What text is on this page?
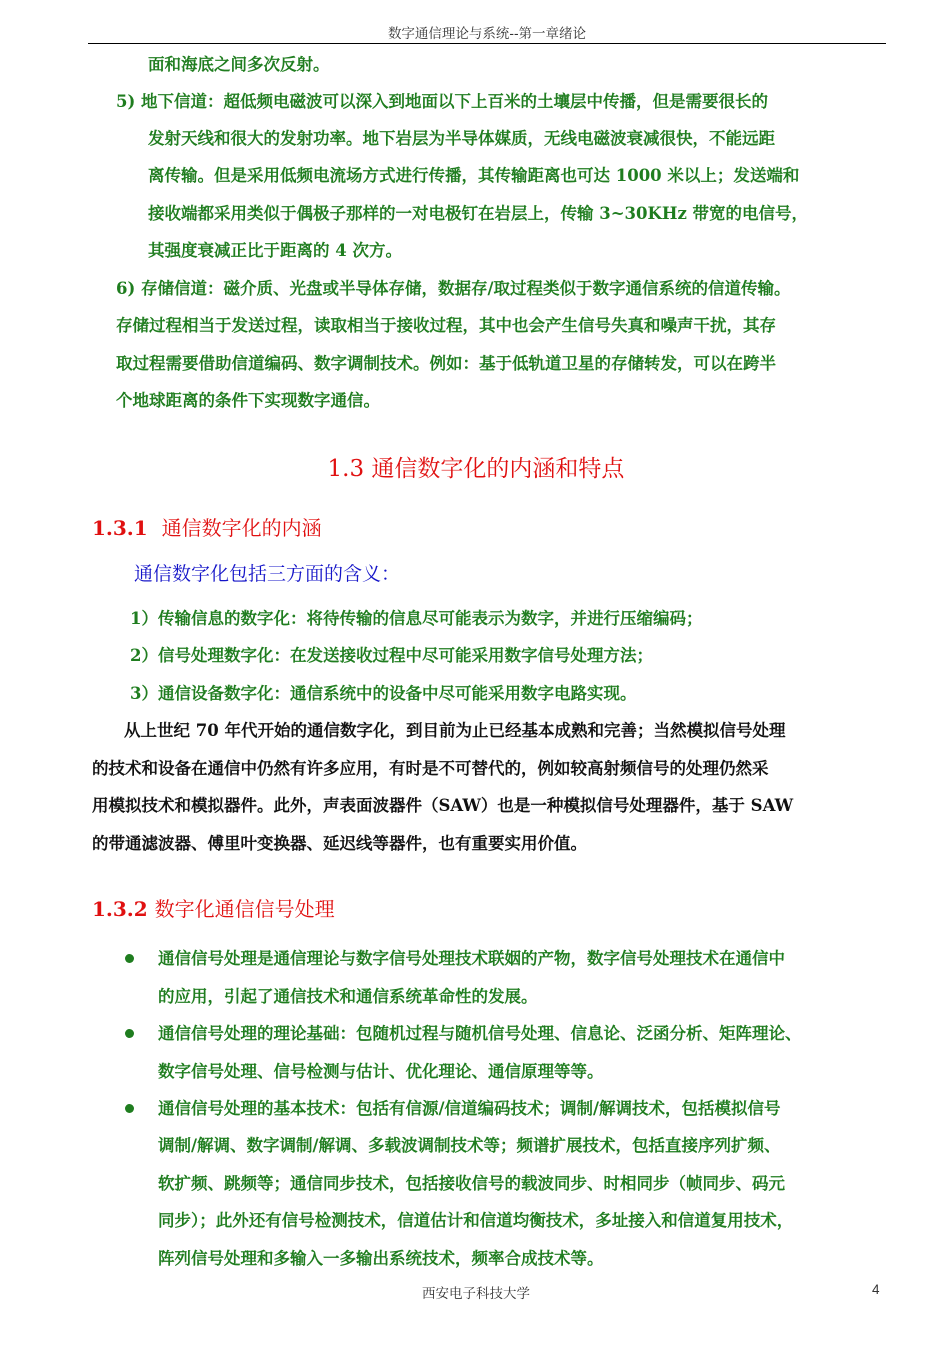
数字通信理论与系统--第一章绪论
面和海底之间多次反射。
5) 地下信道：超低频电磁波可以深入到地面以下上百米的土壤层中传播，但是需要很长的
发射天线和很大的发射功率。地下岩层为半导体媒质，无线电磁波衰减很快，不能远距
离传输。但是采用低频电流场方式进行传播，其传输距离也可达 1000 米以上；发送端和
接收端都采用类似于偶极子那样的一对电极钉在岩层上，传输 3~30KHz 带宽的电信号，
其强度衰减正比于距离的 4 次方。
6) 存储信道：磁介质、光盘或半导体存储，数据存/取过程类似于数字通信系统的信道传输。
存储过程相当于发送过程，读取相当于接收过程，其中也会产生信号失真和噪声干扰，其存
取过程需要借助信道编码、数字调制技术。例如：基于低轨道卫星的存储转发，可以在跨半
个地球距离的条件下实现数字通信。
1.3 通信数字化的内涵和特点
1.3.1 通信数字化的内涵
通信数字化包括三方面的含义：
1）传输信息的数字化：将待传输的信息尽可能表示为数字，并进行压缩编码；
2）信号处理数字化：在发送接收过程中尽可能采用数字信号处理方法；
3）通信设备数字化：通信系统中的设备中尽可能采用数字电路实现。
从上世纪 70 年代开始的通信数字化，到目前为止已经基本成熟和完善；当然模拟信号处理
的技术和设备在通信中仍然有许多应用，有时是不可替代的，例如较高射频信号的处理仍然采
用模拟技术和模拟器件。此外，声表面波器件（SAW）也是一种模拟信号处理器件，基于 SAW
的带通滤波器、傅里叶变换器、延迟线等器件，也有重要实用价值。
1.3.2 数字化通信信号处理
通信信号处理是通信理论与数字信号处理技术联姻的产物，数字信号处理技术在通信中
的应用，引起了通信技术和通信系统革命性的发展。
通信信号处理的理论基础：包随机过程与随机信号处理、信息论、泛函分析、矩阵理论、
数字信号处理、信号检测与估计、优化理论、通信原理等等。
通信信号处理的基本技术：包括有信源/信道编码技术；调制/解调技术，包括模拟信号
调制/解调、数字调制/解调、多载波调制技术等；频谱扩展技术，包括直接序列扩频、
软扩频、跳频等；通信同步技术，包括接收信号的载波同步、时相同步（帧同步、码元
同步）；此外还有信号检测技术，信道估计和信道均衡技术，多址接入和信道复用技术，
阵列信号处理和多输入一多输出系统技术，频率合成技术等。
西安电子科技大学	4
